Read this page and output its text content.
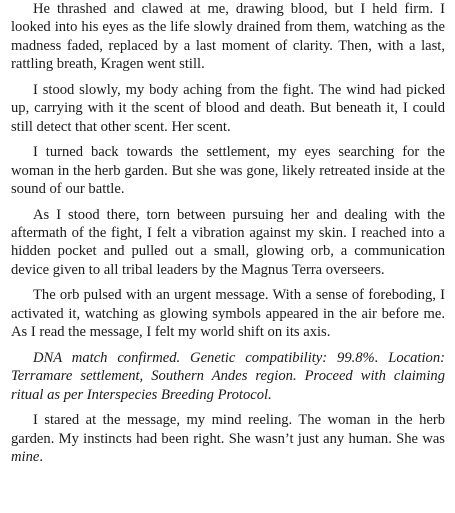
He thrashed and clawed at me, drawing blood, but I held firm. I looked into his eyes as the life slowly drained from them, watching as the madness faded, replaced by a last moment of clarity. Then, with a last, rattling breath, Kragen went still.

I stood slowly, my body aching from the fight. The wind had picked up, carrying with it the scent of blood and death. But beneath it, I could still detect that other scent. Her scent.

I turned back towards the settlement, my eyes searching for the woman in the herb garden. But she was gone, likely retreated inside at the sound of our battle.

As I stood there, torn between pursuing her and dealing with the aftermath of the fight, I felt a vibration against my skin. I reached into a hidden pocket and pulled out a small, glowing orb, a communication device given to all tribal leaders by the Magnus Terra overseers.

The orb pulsed with an urgent message. With a sense of foreboding, I activated it, watching as glowing symbols appeared in the air before me. As I read the message, I felt my world shift on its axis.

DNA match confirmed. Genetic compatibility: 99.8%. Location: Terramare settlement, Southern Andes region. Proceed with claiming ritual as per Interspecies Breeding Protocol.

I stared at the message, my mind reeling. The woman in the herb garden. My instincts had been right. She wasn’t just any human. She was mine.
